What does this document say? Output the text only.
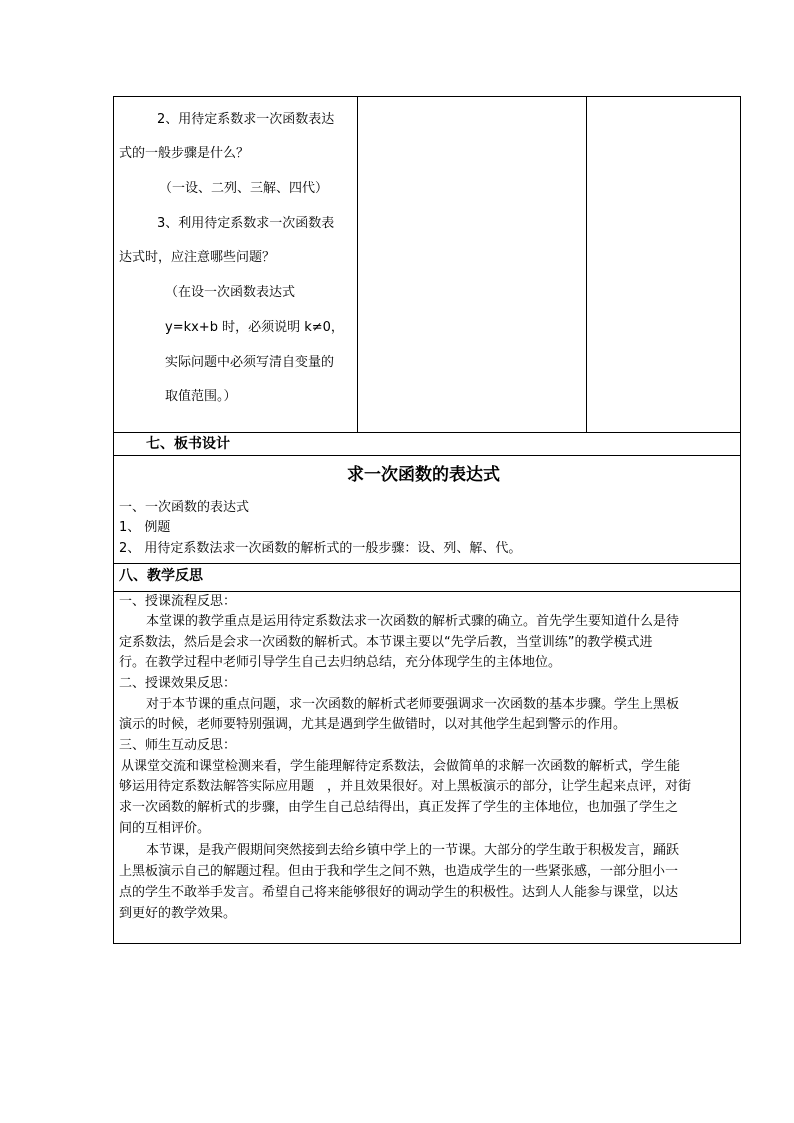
2、用待定系数求一次函数表达
式的一般步骤是什么？
（一设、二列、三解、四代）
3、利用待定系数求一次函数表
达式时，应注意哪些问题？
（在设一次函数表达式
y=kx+b 时，必须说明 k≠0，
实际问题中必须写清自变量的
取值范围。）
七、板书设计
求一次函数的表达式
一、一次函数的表达式
1、 例题
2、 用待定系数法求一次函数的解析式的一般步骤：设、列、解、代。
八、教学反思
一、授课流程反思：
本堂课的教学重点是运用待定系数法求一次函数的解析式骤的确立。首先学生要知道什么是待
定系数法，然后是会求一次函数的解析式。本节课主要以“先学后教，当堂训练”的教学模式进
行。在教学过程中老师引导学生自己去归纳总结，充分体现学生的主体地位。
二、授课效果反思：
对于本节课的重点问题，求一次函数的解析式老师要强调求一次函数的基本步骤。学生上黑板
演示的时候，老师要特别强调，尤其是遇到学生做错时，以对其他学生起到警示的作用。
三、师生互动反思：
从课堂交流和课堂检测来看，学生能理解待定系数法，会做简单的求解一次函数的解析式，学生能
够运用待定系数法解答实际应用题　，并且效果很好。对上黑板演示的部分，让学生起来点评，对街
求一次函数的解析式的步骤，由学生自己总结得出，真正发挥了学生的主体地位，也加强了学生之
间的互相评价。
本节课，是我产假期间突然接到去给乡镇中学上的一节课。大部分的学生敢于积极发言，踊跃
上黑板演示自己的解题过程。但由于我和学生之间不熟，也造成学生的一些紧张感，一部分胆小一
点的学生不敢举手发言。希望自己将来能够很好的调动学生的积极性。达到人人能参与课堂，以达
到更好的教学效果。
